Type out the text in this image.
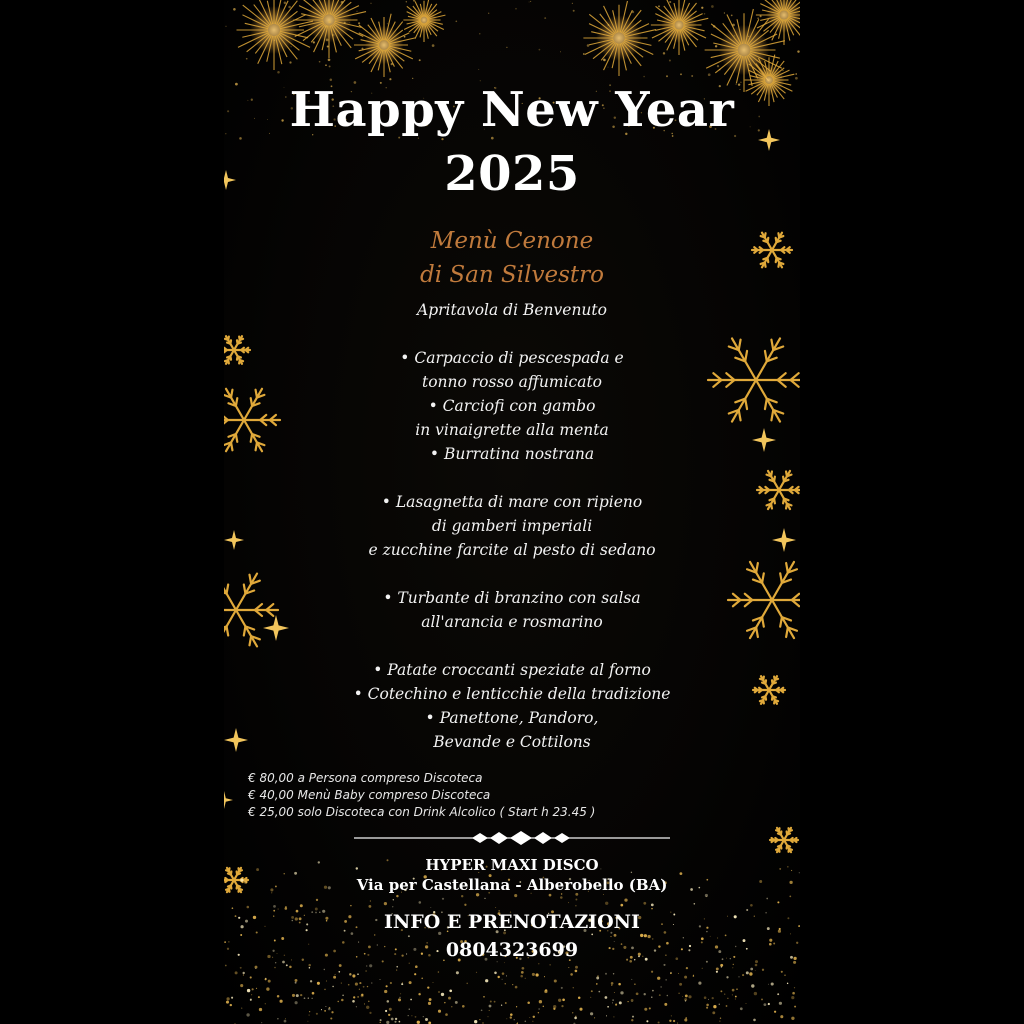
Happy New Year
2025
Menù Cenone
di San Silvestro
Apritavola di Benvenuto
• Carpaccio di pescespada e
tonno rosso affumicato
• Carciofi con gambo
in vinaigrette alla menta
• Burratina nostrana
• Lasagnetta di mare con ripieno
di gamberi imperiali
e zucchine farcite al pesto di sedano
• Turbante di branzino con salsa
all'arancia e rosmarino
• Patate croccanti speziate al forno
• Cotechino e lenticchie della tradizione
• Panettone, Pandoro,
Bevande e Cottilons
€ 80,00 a Persona compreso Discoteca
€ 40,00 Menù Baby compreso Discoteca
€ 25,00 solo Discoteca con Drink Alcolico ( Start h 23.45 )
HYPER MAXI DISCO
Via per Castellana - Alberobello (BA)
INFO E PRENOTAZIONI
0804323699
